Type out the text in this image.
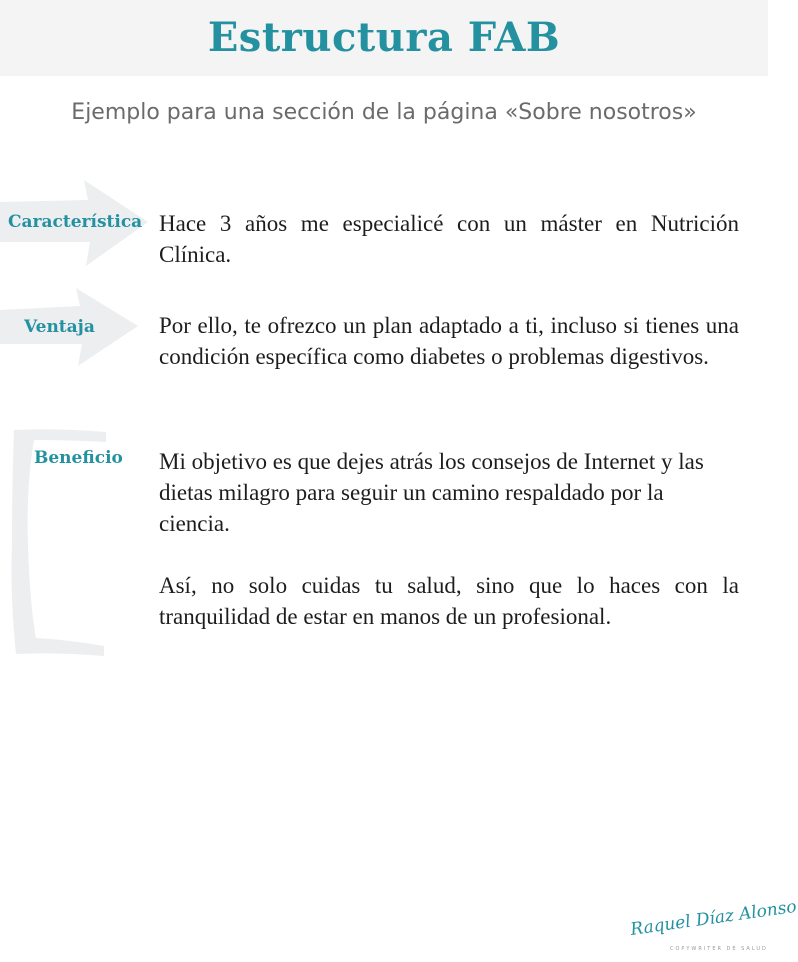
Estructura FAB
Ejemplo para una sección de la página «Sobre nosotros»
Característica Hace 3 años me especialicé con un máster en Nutrición Clínica.

Ventaja	Por ello, te ofrezco un plan adaptado a ti, incluso si tienes una condición específica como diabetes o problemas digestivos.

Beneficio Mi objetivo es que dejes atrás los consejos de Internet y las dietas milagro para seguir un camino respaldado por la ciencia.

Así, no solo cuidas tu salud, sino que lo haces con la tranquilidad de estar en manos de un profesional.

Raquel Díaz Alonso
COPYWRITER DE SALUD
